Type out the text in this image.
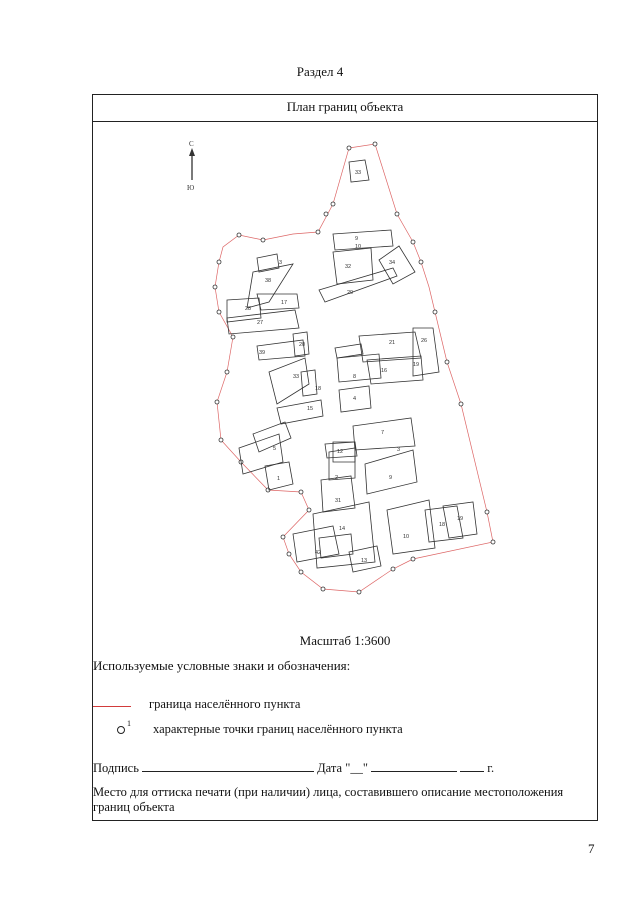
Раздел 4
План границ объекта
С
Ю
33
9
10
32
34
3
38
29
28
17
27
39
20	21	26
33
16
19
8
18
15
4
7
12
2
3
5
1	9
31
14
10
19
18
42
13
Масштаб 1:3600
Используемые условные знаки и обозначения:
граница населённого пункта
1 характерные точки границ населённого пункта
Подпись	Дата "__"	г.
Место для оттиска печати (при наличии) лица, составившего описание местоположения границ объекта
7
